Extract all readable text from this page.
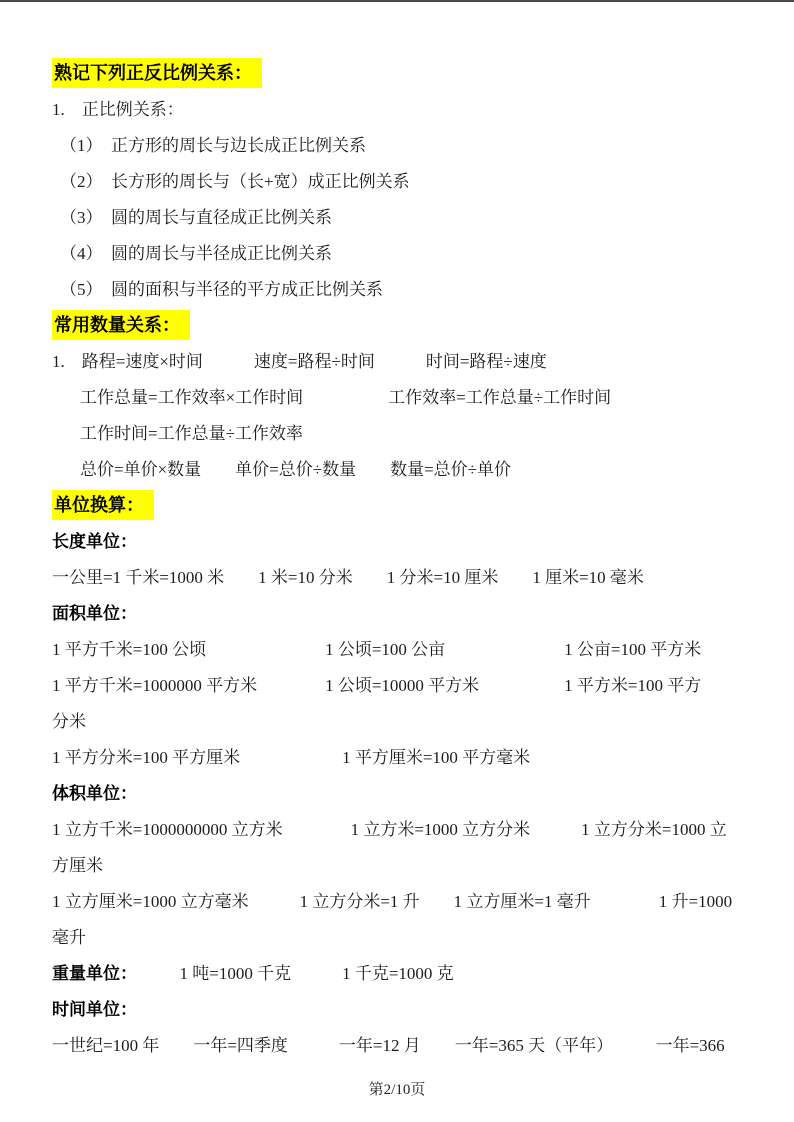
熟记下列正反比例关系：
1.　正比例关系：
（1）　正方形的周长与边长成正比例关系
（2）　长方形的周长与（长+宽）成正比例关系
（3）　圆的周长与直径成正比例关系
（4）　圆的周长与半径成正比例关系
（5）　圆的面积与半径的平方成正比例关系
常用数量关系：
1.　路程=速度×时间　　　速度=路程÷时间　　　时间=路程÷速度
工作总量=工作效率×工作时间　　　　　工作效率=工作总量÷工作时间
工作时间=工作总量÷工作效率
总价=单价×数量　　单价=总价÷数量　　数量=总价÷单价
单位换算：
长度单位：
一公里=1 千米=1000 米　　1 米=10 分米　　1 分米=10 厘米　　1 厘米=10 毫米
面积单位：
1 平方千米=100 公顷　　　　　　　1 公顷=100 公亩　　　　　　　1 公亩=100 平方米
1 平方千米=1000000 平方米　　　　1 公顷=10000 平方米　　　　　1 平方米=100 平方
分米
1 平方分米=100 平方厘米　　　　　　1 平方厘米=100 平方毫米
体积单位：
1 立方千米=1000000000 立方米　　　　1 立方米=1000 立方分米　　　1 立方分米=1000 立
方厘米
1 立方厘米=1000 立方毫米　　　1 立方分米=1 升　　1 立方厘米=1 毫升　　　　1 升=1000
毫升
重量单位：　　　1 吨=1000 千克　　　1 千克=1000 克
时间单位：
一世纪=100 年　　一年=四季度　　　一年=12 月　　一年=365 天（平年）　　　一年=366
第2/10页
